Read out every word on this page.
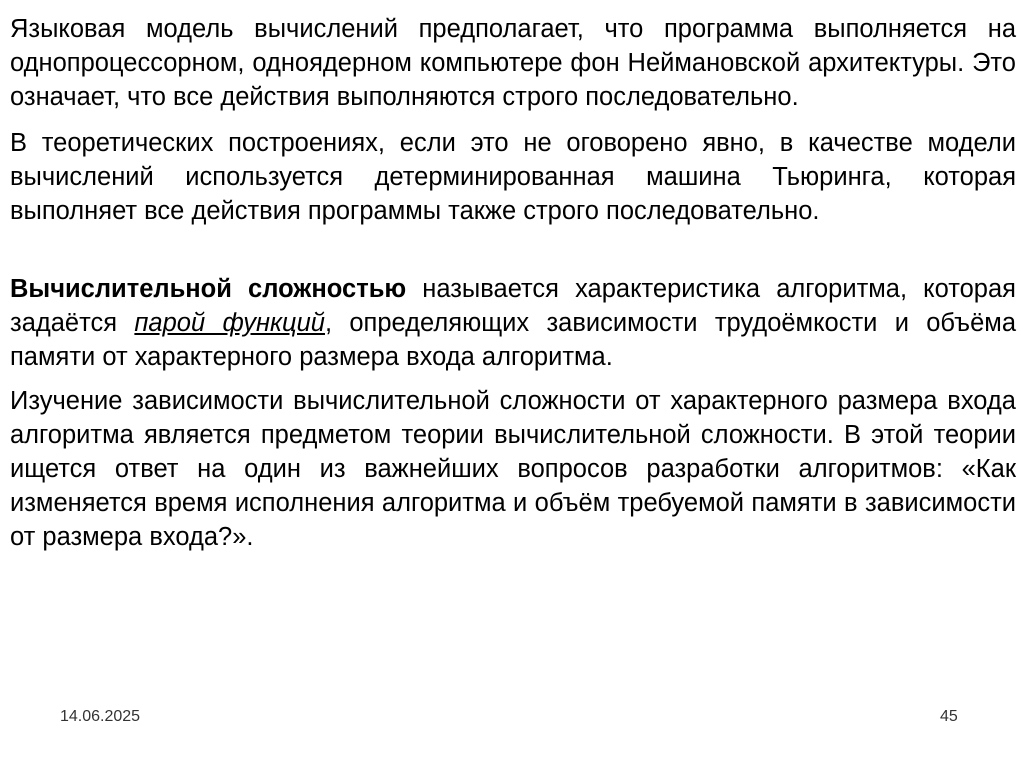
Языковая модель вычислений предполагает, что программа выполняется на однопроцессорном, одноядерном компьютере фон Неймановской архитектуры. Это означает, что все действия выполняются строго последовательно.

В теоретических построениях, если это не оговорено явно, в качестве модели вычислений используется детерминированная машина Тьюринга, которая выполняет все действия программы также строго последовательно.

Вычислительной сложностью называется характеристика алгоритма, которая задаётся парой функций, определяющих зависимости трудоёмкости и объёма памяти от характерного размера входа алгоритма.

Изучение зависимости вычислительной сложности от характерного размера входа алгоритма является предметом теории вычислительной сложности. В этой теории ищется ответ на один из важнейших вопросов разработки алгоритмов: «Как изменяется время исполнения алгоритма и объём требуемой памяти в зависимости от размера входа?».

14.06.2025	45
